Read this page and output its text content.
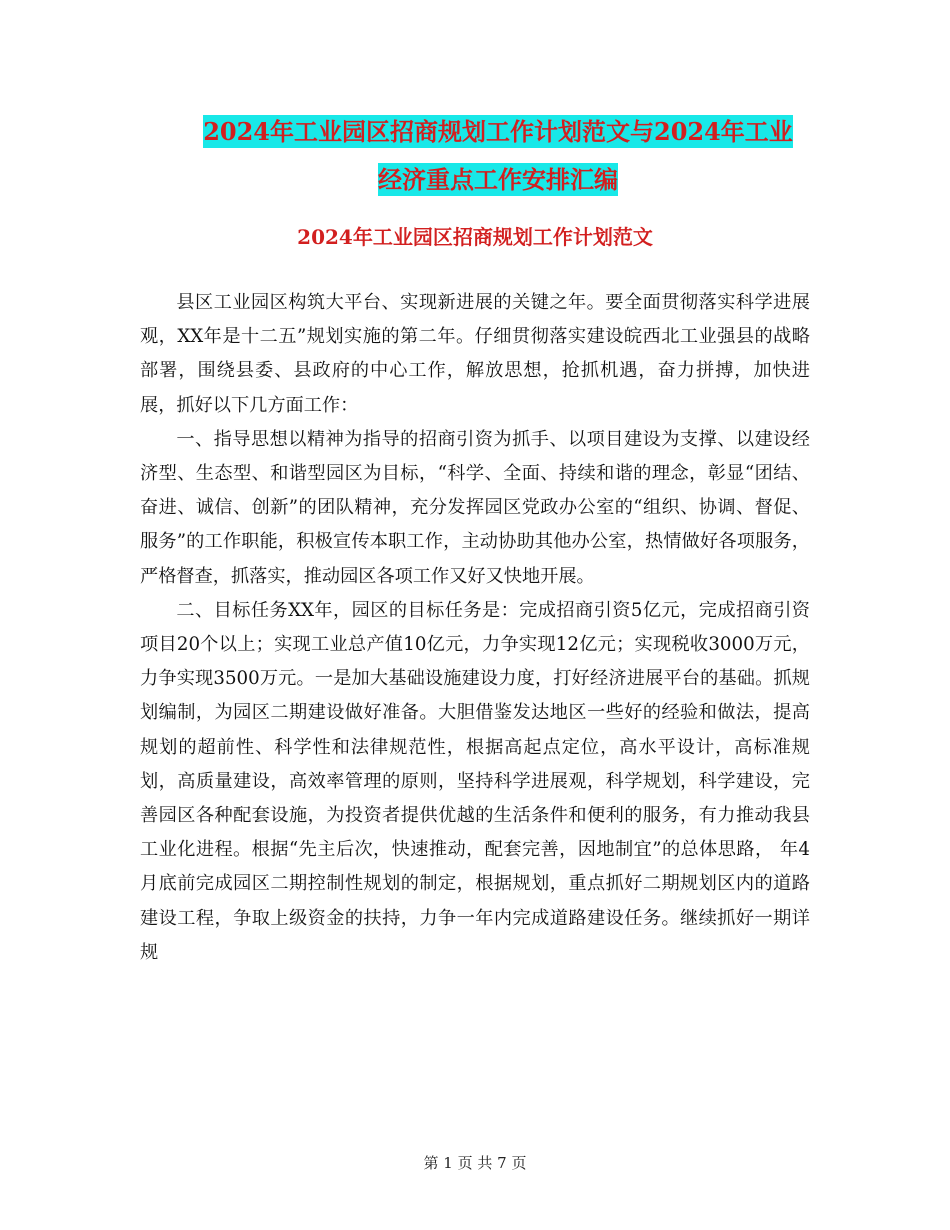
2024年工业园区招商规划工作计划范文与2024年工业
经济重点工作安排汇编
2024年工业园区招商规划工作计划范文

县区工业园区构筑大平台、实现新进展的关键之年。要全面贯彻落实科学进展观，XX年是十二五”规划实施的第二年。仔细贯彻落实建设皖西北工业强县的战略部署，围绕县委、县政府的中心工作，解放思想，抢抓机遇，奋力拼搏，加快进展，抓好以下几方面工作：

一、指导思想以精神为指导的招商引资为抓手、以项目建设为支撑、以建设经济型、生态型、和谐型园区为目标，“科学、全面、持续和谐的理念，彰显“团结、奋进、诚信、创新”的团队精神，充分发挥园区党政办公室的“组织、协调、督促、服务”的工作职能，积极宣传本职工作，主动协助其他办公室，热情做好各项服务，严格督查，抓落实，推动园区各项工作又好又快地开展。

二、目标任务XX年，园区的目标任务是：完成招商引资5亿元，完成招商引资项目20个以上；实现工业总产值10亿元，力争实现12亿元；实现税收3000万元，力争实现3500万元。一是加大基础设施建设力度，打好经济进展平台的基础。抓规划编制，为园区二期建设做好准备。大胆借鉴发达地区一些好的经验和做法，提高规划的超前性、科学性和法律规范性，根据高起点定位，高水平设计，高标准规划，高质量建设，高效率管理的原则，坚持科学进展观，科学规划，科学建设，完善园区各种配套设施，为投资者提供优越的生活条件和便利的服务，有力推动我县工业化进程。根据“先主后次，快速推动，配套完善，因地制宜”的总体思路， 年4月底前完成园区二期控制性规划的制定，根据规划，重点抓好二期规划区内的道路建设工程，争取上级资金的扶持，力争一年内完成道路建设任务。继续抓好一期详规

第 1 页 共 7 页
